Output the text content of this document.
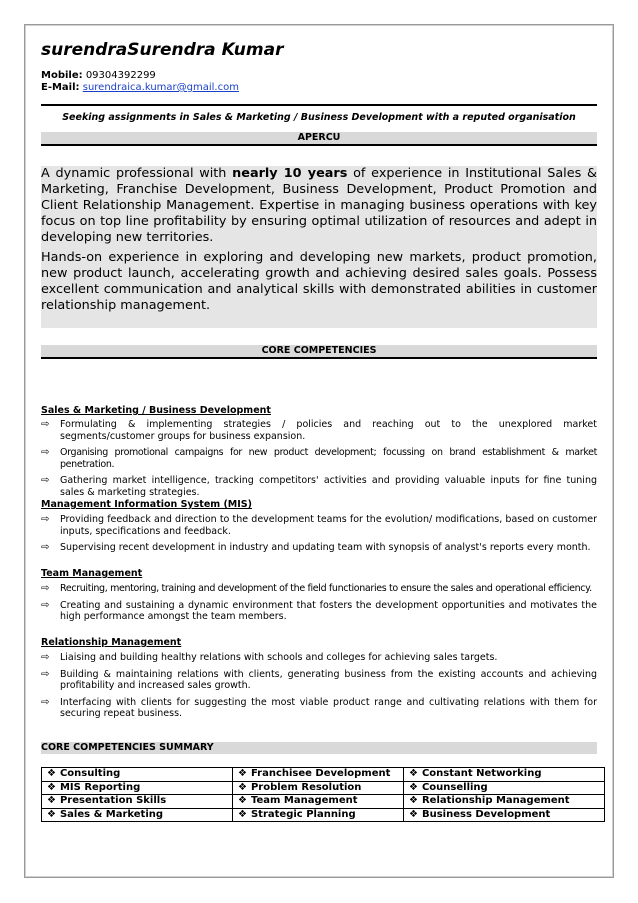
surendraSurendra Kumar
Mobile: 09304392299
E-Mail: surendraica.kumar@gmail.com
Seeking assignments in Sales & Marketing / Business Development with a reputed organisation
APERCU

A dynamic professional with nearly 10 years of experience in Institutional Sales & Marketing, Franchise Development, Business Development, Product Promotion and Client Relationship Management. Expertise in managing business operations with key focus on top line profitability by ensuring optimal utilization of resources and adept in developing new territories.

Hands-on experience in exploring and developing new markets, product promotion, new product launch, accelerating growth and achieving desired sales goals. Possess excellent communication and analytical skills with demonstrated abilities in customer relationship management.

CORE COMPETENCIES
Sales & Marketing / Business Development
⇨ Formulating & implementing strategies / policies and reaching out to the unexplored market segments/customer groups for business expansion.
⇨ Organising promotional campaigns for new product development; focussing on brand establishment & market penetration.
⇨ Gathering market intelligence, tracking competitors' activities and providing valuable inputs for fine tuning sales & marketing strategies.
Management Information System (MIS)
⇨ Providing feedback and direction to the development teams for the evolution/ modifications, based on customer inputs, specifications and feedback.
⇨ Supervising recent development in industry and updating team with synopsis of analyst's reports every month.
Team Management
⇨ Recruiting, mentoring, training and development of the field functionaries to ensure the sales and operational efficiency.
⇨ Creating and sustaining a dynamic environment that fosters the development opportunities and motivates the high performance amongst the team members.
Relationship Management
⇨ Liaising and building healthy relations with schools and colleges for achieving sales targets.
⇨ Building & maintaining relations with clients, generating business from the existing accounts and achieving profitability and increased sales growth.
⇨ Interfacing with clients for suggesting the most viable product range and cultivating relations with them for securing repeat business.
CORE COMPETENCIES SUMMARY
❖ Consulting	❖ Franchisee Development	❖ Constant Networking
❖ MIS Reporting	❖ Problem Resolution	❖ Counselling
❖ Presentation Skills	❖ Team Management	❖ Relationship Management
❖ Sales & Marketing	❖ Strategic Planning	❖ Business Development
